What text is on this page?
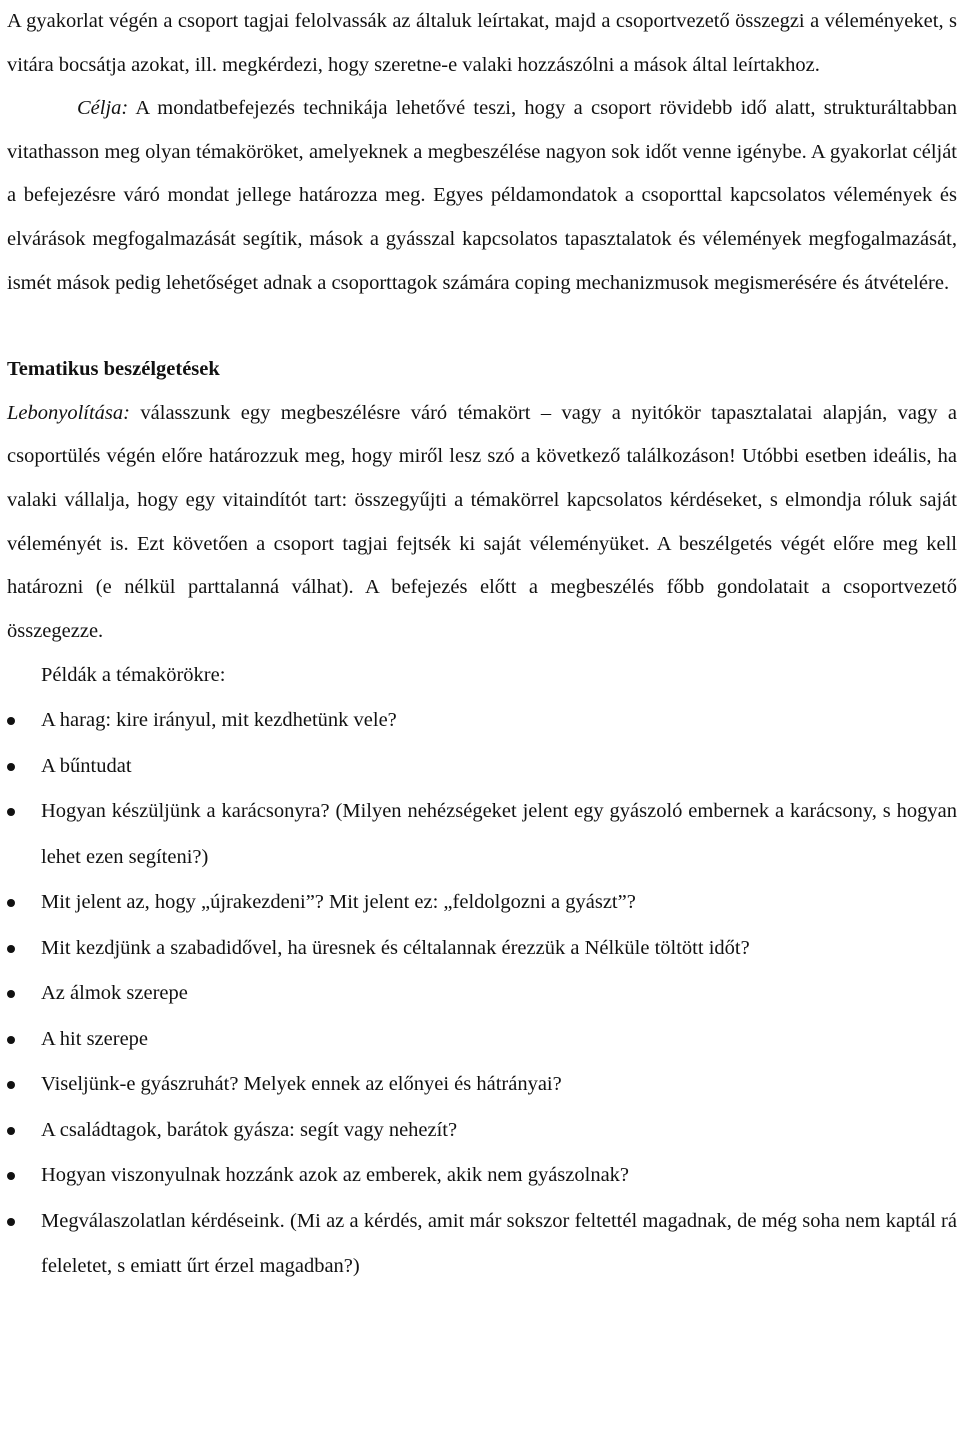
A gyakorlat végén a csoport tagjai felolvassák az általuk leírtakat, majd a csoportvezető összegzi a véleményeket, s vitára bocsátja azokat, ill. megkérdezi, hogy szeretne-e valaki hozzászólni a mások által leírtakhoz.

Célja: A mondatbefejezés technikája lehetővé teszi, hogy a csoport rövidebb idő alatt, strukturáltabban vitathasson meg olyan témaköröket, amelyeknek a megbeszélése nagyon sok időt venne igénybe. A gyakorlat célját a befejezésre váró mondat jellege határozza meg. Egyes példamondatok a csoporttal kapcsolatos vélemények és elvárások megfogalmazását segítik, mások a gyásszal kapcsolatos tapasztalatok és vélemények megfogalmazását, ismét mások pedig lehetőséget adnak a csoporttagok számára coping mechanizmusok megismerésére és átvételére.

Tematikus beszélgetések

Lebonyolítása: válasszunk egy megbeszélésre váró témakört – vagy a nyitókör tapasztalatai alapján, vagy a csoportülés végén előre határozzuk meg, hogy miről lesz szó a következő találkozáson! Utóbbi esetben ideális, ha valaki vállalja, hogy egy vitaindítót tart: összegyűjti a témakörrel kapcsolatos kérdéseket, s elmondja róluk saját véleményét is. Ezt követően a csoport tagjai fejtsék ki saját véleményüket. A beszélgetés végét előre meg kell határozni (e nélkül parttalanná válhat). A befejezés előtt a megbeszélés főbb gondolatait a csoportvezető összegezze.

Példák a témakörökre:

A harag: kire irányul, mit kezdhetünk vele?
A bűntudat
Hogyan készüljünk a karácsonyra? (Milyen nehézségeket jelent egy gyászoló embernek a karácsony, s hogyan lehet ezen segíteni?)
Mit jelent az, hogy „újrakezdeni”? Mit jelent ez: „feldolgozni a gyászt”?
Mit kezdjünk a szabadidővel, ha üresnek és céltalannak érezzük a Nélküle töltött időt?
Az álmok szerepe
A hit szerepe
Viseljünk-e gyászruhát? Melyek ennek az előnyei és hátrányai?
A családtagok, barátok gyásza: segít vagy nehezít?
Hogyan viszonyulnak hozzánk azok az emberek, akik nem gyászolnak?
Megválaszolatlan kérdéseink. (Mi az a kérdés, amit már sokszor feltettél magadnak, de még soha nem kaptál rá feleletet, s emiatt űrt érzel magadban?)
